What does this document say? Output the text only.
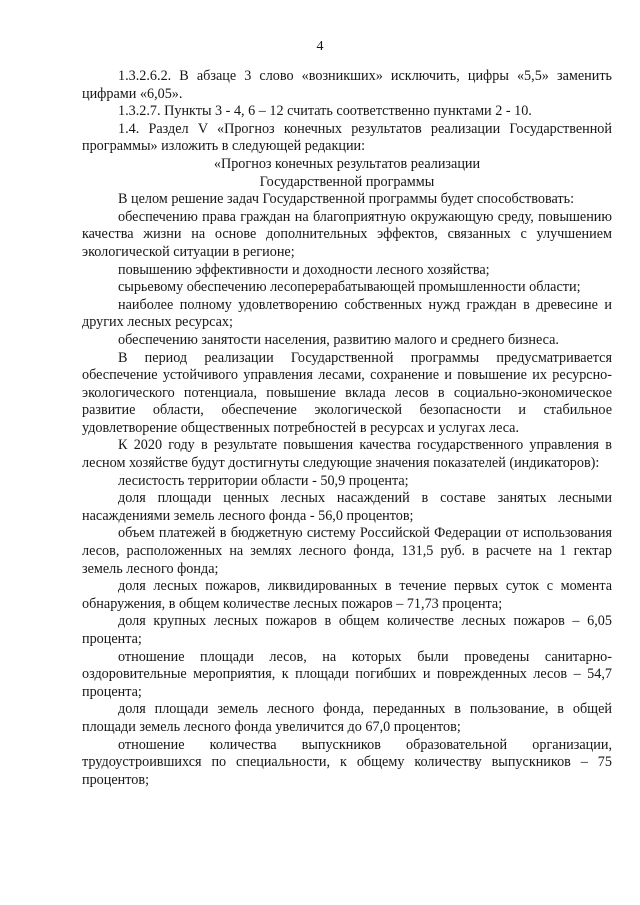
4

1.3.2.6.2. В абзаце 3 слово «возникших» исключить, цифры «5,5» заменить цифрами «6,05».

1.3.2.7. Пункты 3 - 4, 6 – 12 считать соответственно пунктами 2 - 10.

1.4. Раздел V «Прогноз конечных результатов реализации Государственной программы» изложить в следующей редакции:

«Прогноз конечных результатов реализации

Государственной программы

В целом решение задач Государственной программы будет способствовать:

обеспечению права граждан на благоприятную окружающую среду, повышению качества жизни на основе дополнительных эффектов, связанных с улучшением экологической ситуации в регионе;

повышению эффективности и доходности лесного хозяйства;

сырьевому обеспечению лесоперерабатывающей промышленности области;

наиболее полному удовлетворению собственных нужд граждан в древесине и других лесных ресурсах;

обеспечению занятости населения, развитию малого и среднего бизнеса.

В период реализации Государственной программы предусматривается обеспечение устойчивого управления лесами, сохранение и повышение их ресурсно-экологического потенциала, повышение вклада лесов в социально-экономическое развитие области, обеспечение экологической безопасности и стабильное удовлетворение общественных потребностей в ресурсах и услугах леса.

К 2020 году в результате повышения качества государственного управления в лесном хозяйстве будут достигнуты следующие значения показателей (индикаторов):

лесистость территории области - 50,9 процента;

доля площади ценных лесных насаждений в составе занятых лесными насаждениями земель лесного фонда - 56,0 процентов;

объем платежей в бюджетную систему Российской Федерации от использования лесов, расположенных на землях лесного фонда, 131,5 руб. в расчете на 1 гектар земель лесного фонда;

доля лесных пожаров, ликвидированных в течение первых суток с момента обнаружения, в общем количестве лесных пожаров – 71,73 процента;

доля крупных лесных пожаров в общем количестве лесных пожаров – 6,05 процента;

отношение площади лесов, на которых были проведены санитарно-оздоровительные мероприятия, к площади погибших и поврежденных лесов – 54,7 процента;

доля площади земель лесного фонда, переданных в пользование, в общей площади земель лесного фонда увеличится до 67,0 процентов;

отношение количества выпускников образовательной организации, трудоустроившихся по специальности, к общему количеству выпускников – 75 процентов;
